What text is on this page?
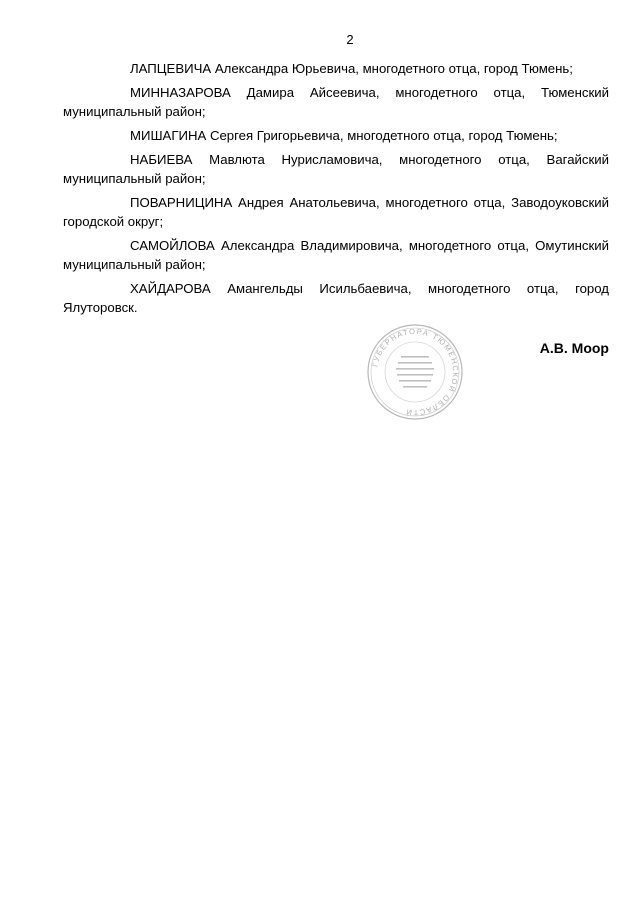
2

ЛАПЦЕВИЧА Александра Юрьевича, многодетного отца, город Тюмень;

МИННАЗАРОВА Дамира Айсеевича, многодетного отца, Тюменский муниципальный район;

МИШАГИНА Сергея Григорьевича, многодетного отца, город Тюмень;

НАБИЕВА Мавлюта Нурисламовича, многодетного отца, Вагайский муниципальный район;

ПОВАРНИЦИНА Андрея Анатольевича, многодетного отца, Заводоуковский городской округ;

САМОЙЛОВА Александра Владимировича, многодетного отца, Омутинский муниципальный район;

ХАЙДАРОВА Амангельды Исильбаевича, многодетного отца, город Ялуторовск.

ГУБЕРНАТОРА ТЮМЕНСКОЙ ОБЛАСТИ
А.В. Моор
